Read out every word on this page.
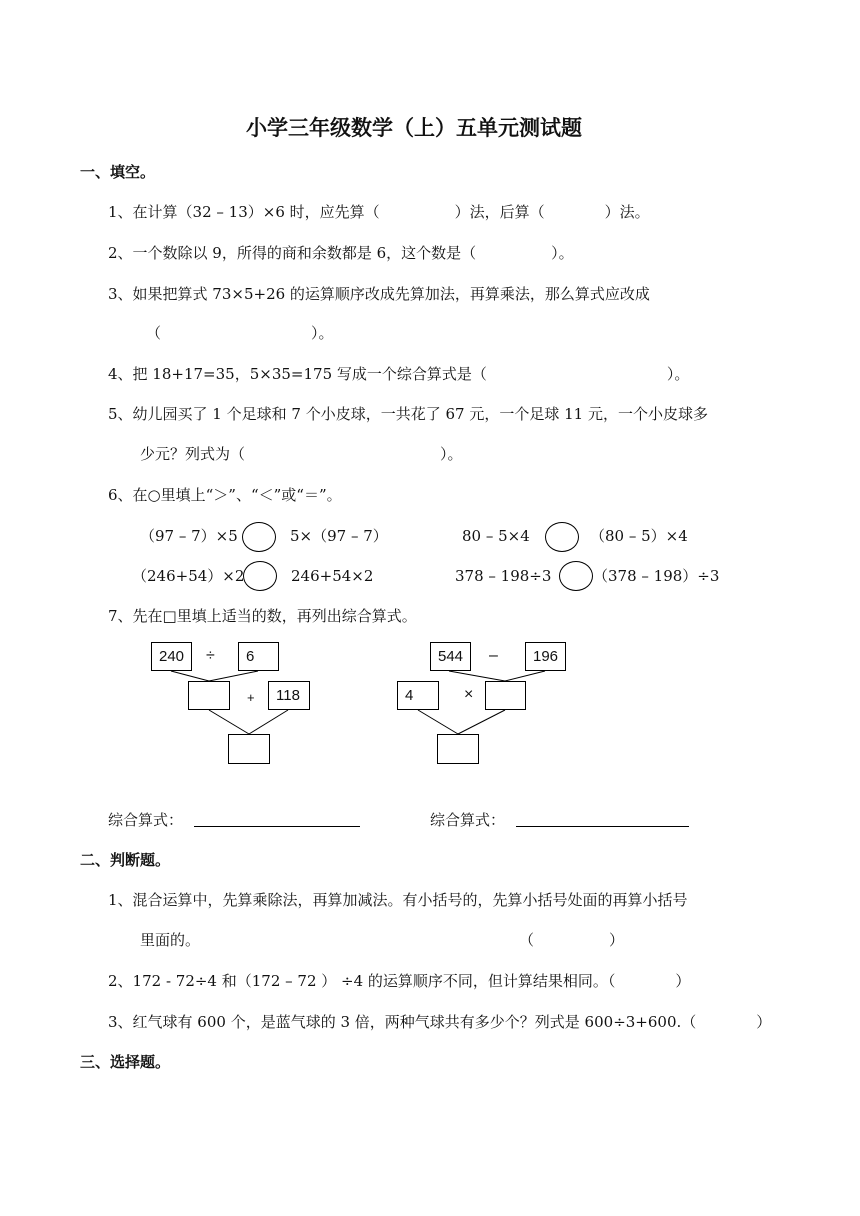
小学三年级数学（上）五单元测试题
一、填空。
1、在计算（32 – 13）×6 时，应先算（　　　　　）法，后算（　　　　）法。
2、一个数除以 9，所得的商和余数都是 6，这个数是（　　　　　）。
3、如果把算式 73×5+26 的运算顺序改成先算加法，再算乘法，那么算式应改成
（　　　　　　　　　　）。
4、把 18+17=35，5×35=175 写成一个综合算式是（　　　　　　　　　　　　）。
5、幼儿园买了 1 个足球和 7 个小皮球，一共花了 67 元，一个足球 11 元，一个小皮球多
少元？列式为（　　　　　　　　　　　　　）。
6、在○里填上“＞”、“＜”或“＝”。
（97 – 7）×5	5×（97 – 7）	80 – 5×4	（80 – 5）×4
（246+54）×2	246+54×2	378 – 198÷3	（378 – 198）÷3
7、先在□里填上适当的数，再列出综合算式。
240	÷	6
+	118
544	–	196
4	×
综合算式：	综合算式：
二、判断题。
1、混合运算中，先算乘除法，再算加减法。有小括号的，先算小括号处面的再算小括号
里面的。	（　　　　　）
2、172 - 72÷4 和（172 – 72 ） ÷4 的运算顺序不同，但计算结果相同。（　　　　）
3、红气球有 600 个，是蓝气球的 3 倍，两种气球共有多少个？列式是 600÷3+600.（　　　　）
三、选择题。
